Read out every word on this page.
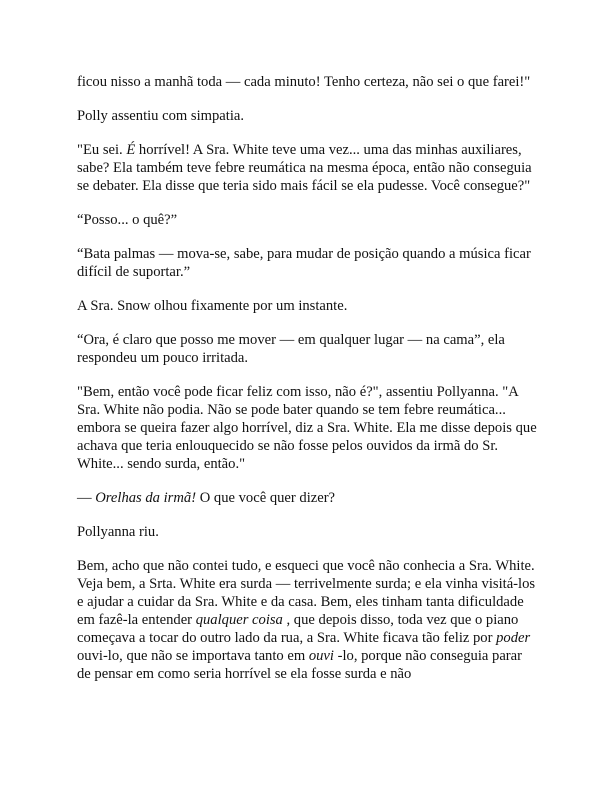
ficou nisso a manhã toda — cada minuto! Tenho certeza, não sei o que farei!"

Polly assentiu com simpatia.

"Eu sei. É horrível! A Sra. White teve uma vez... uma das minhas auxiliares, sabe? Ela também teve febre reumática na mesma época, então não conseguia se debater. Ela disse que teria sido mais fácil se ela pudesse. Você consegue?"

“Posso... o quê?”

“Bata palmas — mova-se, sabe, para mudar de posição quando a música ficar difícil de suportar.”

A Sra. Snow olhou fixamente por um instante.

“Ora, é claro que posso me mover — em qualquer lugar — na cama”, ela respondeu um pouco irritada.

"Bem, então você pode ficar feliz com isso, não é?", assentiu Pollyanna. "A Sra. White não podia. Não se pode bater quando se tem febre reumática... embora se queira fazer algo horrível, diz a Sra. White. Ela me disse depois que achava que teria enlouquecido se não fosse pelos ouvidos da irmã do Sr. White... sendo surda, então."

— Orelhas da irmã! O que você quer dizer?

Pollyanna riu.

Bem, acho que não contei tudo, e esqueci que você não conhecia a Sra. White. Veja bem, a Srta. White era surda — terrivelmente surda; e ela vinha visitá-los e ajudar a cuidar da Sra. White e da casa. Bem, eles tinham tanta dificuldade em fazê-la entender qualquer coisa , que depois disso, toda vez que o piano começava a tocar do outro lado da rua, a Sra. White ficava tão feliz por poder ouvi-lo, que não se importava tanto em ouvi -lo, porque não conseguia parar de pensar em como seria horrível se ela fosse surda e não
